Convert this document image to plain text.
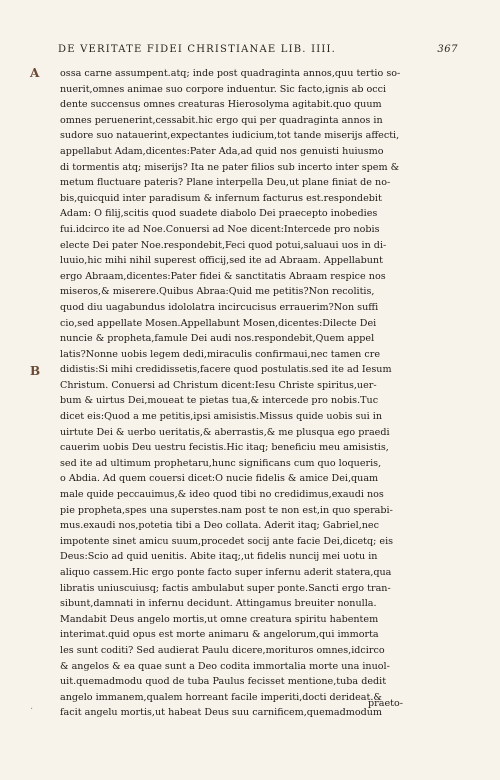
DE VERITATE FIDEI CHRISTIANAE LIB. IIII.	367
A
B
ossa carne assumpent.atq; inde post quadraginta annos,quu tertio so-
nuerit,omnes animae suo corpore induentur. Sic facto,ignis ab occi
dente succensus omnes creaturas Hierosolyma agitabit.quo quum
omnes peruenerint,cessabit.hic ergo qui per quadraginta annos in
sudore suo natauerint,expectantes iudicium,tot tande miserijs affecti,
appellabut Adam,dicentes:Pater Ada,ad quid nos genuisti huiusmo
di tormentis atq; miserijs? Ita ne pater filios sub incerto inter spem &
metum fluctuare pateris? Plane interpella Deu,ut plane finiat de no-
bis,quicquid inter paradisum & infernum facturus est.respondebit
Adam: O filij,scitis quod suadete diabolo Dei praecepto inobedies
fui.idcirco ite ad Noe.Conuersi ad Noe dicent:Intercede pro nobis
electe Dei pater Noe.respondebit,Feci quod potui,saluaui uos in di-
luuio,hic mihi nihil superest officij,sed ite ad Abraam. Appellabunt
ergo Abraam,dicentes:Pater fidei & sanctitatis Abraam respice nos
miseros,& miserere.Quibus Abraa:Quid me petitis?Non recolitis,
quod diu uagabundus idololatra incircucisus errauerim?Non suffi
cio,sed appellate Mosen.Appellabunt Mosen,dicentes:Dilecte Dei
nuncie & propheta,famule Dei audi nos.respondebit,Quem appel
latis?Nonne uobis legem dedi,miraculis confirmaui,nec tamen cre
didistis:Si mihi credidissetis,facere quod postulatis.sed ite ad Iesum
Christum. Conuersi ad Christum dicent:Iesu Christe spiritus,uer-
bum & uirtus Dei,moueat te pietas tua,& intercede pro nobis.Tuc
dicet eis:Quod a me petitis,ipsi amisistis.Missus quide uobis sui in
uirtute Dei & uerbo ueritatis,& aberrastis,& me plusqua ego praedi
cauerim uobis Deu uestru fecistis.Hic itaq; beneficiu meu amisistis,
sed ite ad ultimum prophetaru,hunc significans cum quo loqueris,
o Abdia. Ad quem couersi dicet:O nucie fidelis & amice Dei,quam
male quide peccauimus,& ideo quod tibi no credidimus,exaudi nos
pie propheta,spes una superstes.nam post te non est,in quo sperabi-
mus.exaudi nos,potetia tibi a Deo collata. Aderit itaq; Gabriel,nec
impotente sinet amicu suum,procedet socij ante facie Dei,dicetq; eis
Deus:Scio ad quid uenitis. Abite itaq;,ut fidelis nuncij mei uotu in
aliquo cassem.Hic ergo ponte facto super infernu aderit statera,qua
libratis uniuscuiusq; factis ambulabut super ponte.Sancti ergo tran-
sibunt,damnati in infernu decidunt. Attingamus breuiter nonulla.
Mandabit Deus angelo mortis,ut omne creatura spiritu habentem
interimat.quid opus est morte animaru & angelorum,qui immorta
les sunt coditi? Sed audierat Paulu dicere,morituros omnes,idcirco
& angelos & ea quae sunt a Deo codita immortalia morte una inuol-
uit.quemadmodu quod de tuba Paulus fecisset mentione,tuba dedit
angelo immanem,qualem horreant facile imperiti,docti derideat.&
facit angelu mortis,ut habeat Deus suu carnificem,quemadmodum
praeto-
·
